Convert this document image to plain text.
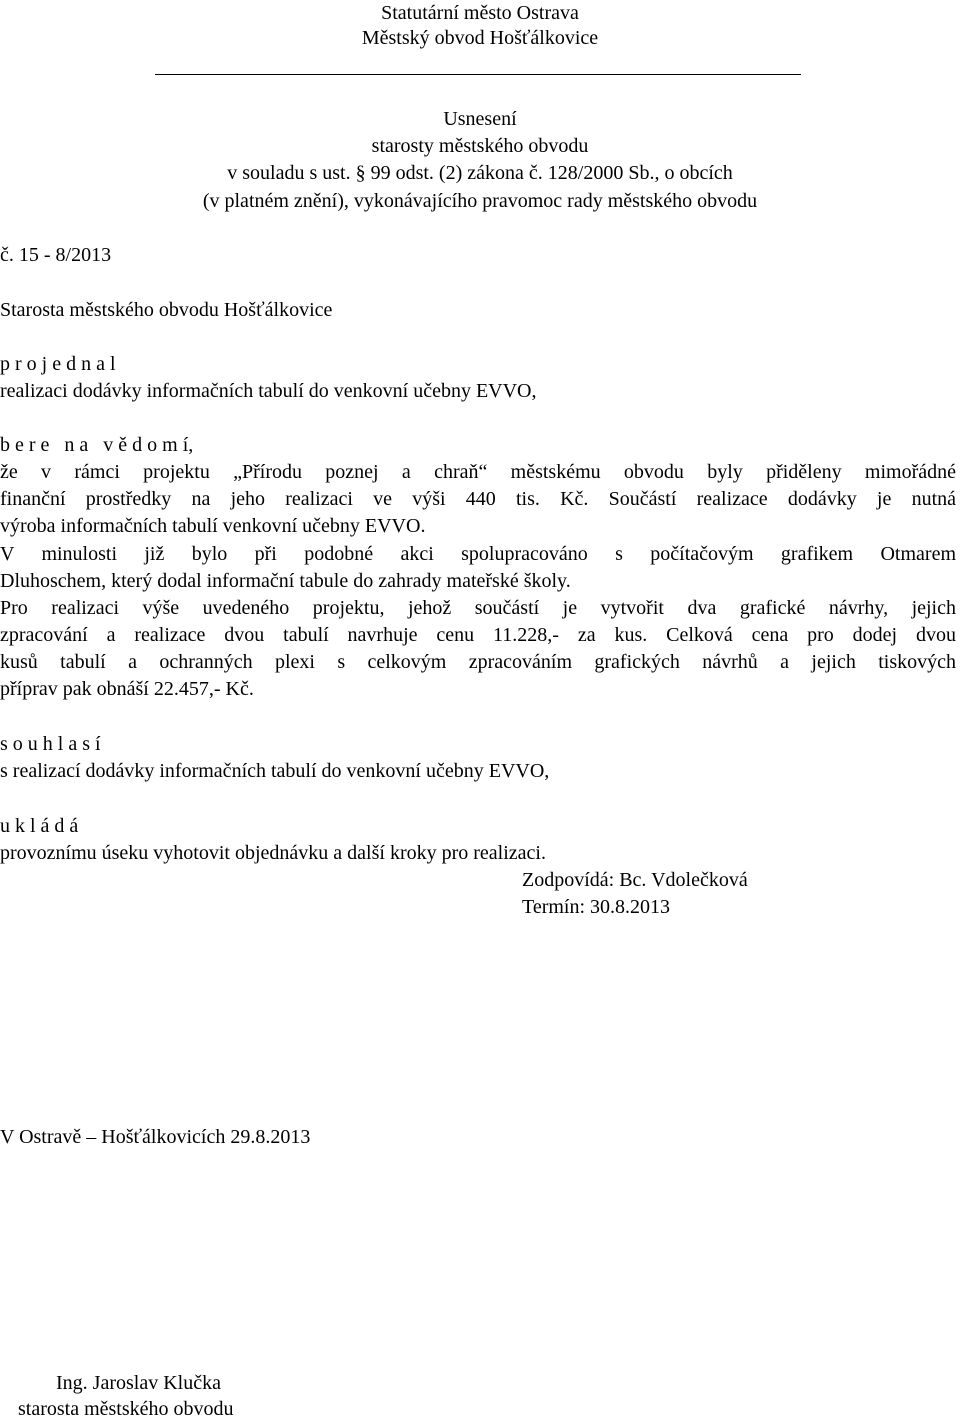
Statutární město Ostrava
Městský obvod Hošťálkovice
Usnesení
starosty městského obvodu
v souladu s ust. § 99 odst. (2) zákona č. 128/2000 Sb., o obcích
(v platném znění), vykonávajícího pravomoc rady městského obvodu
č. 15 - 8/2013
Starosta městského obvodu Hošťálkovice
p r o j e d n a l
realizaci dodávky informačních tabulí do venkovní učebny EVVO,
b e r e   n a   v ě d o m í,
že v rámci projektu „Přírodu poznej a chraň“ městskému obvodu byly přiděleny mimořádné
finanční prostředky na jeho realizaci ve výši 440 tis. Kč. Součástí realizace dodávky je nutná
výroba informačních tabulí venkovní učebny EVVO.
V minulosti již bylo při podobné akci spolupracováno s počítačovým grafikem Otmarem
Dluhoschem, který dodal informační tabule do zahrady mateřské školy.
Pro realizaci výše uvedeného projektu, jehož součástí je vytvořit dva grafické návrhy, jejich
zpracování a realizace dvou tabulí navrhuje cenu 11.228,- za kus. Celková cena pro dodej dvou
kusů tabulí a ochranných plexi s celkovým zpracováním grafických návrhů a jejich tiskových
příprav pak obnáší 22.457,- Kč.
s o u h l a s í
s realizací dodávky informačních tabulí do venkovní učebny EVVO,
u k l á d á
provoznímu úseku vyhotovit objednávku a další kroky pro realizaci.
Zodpovídá: Bc. Vdolečková
Termín: 30.8.2013
V Ostravě – Hošťálkovicích 29.8.2013
Ing. Jaroslav Klučka
starosta městského obvodu
